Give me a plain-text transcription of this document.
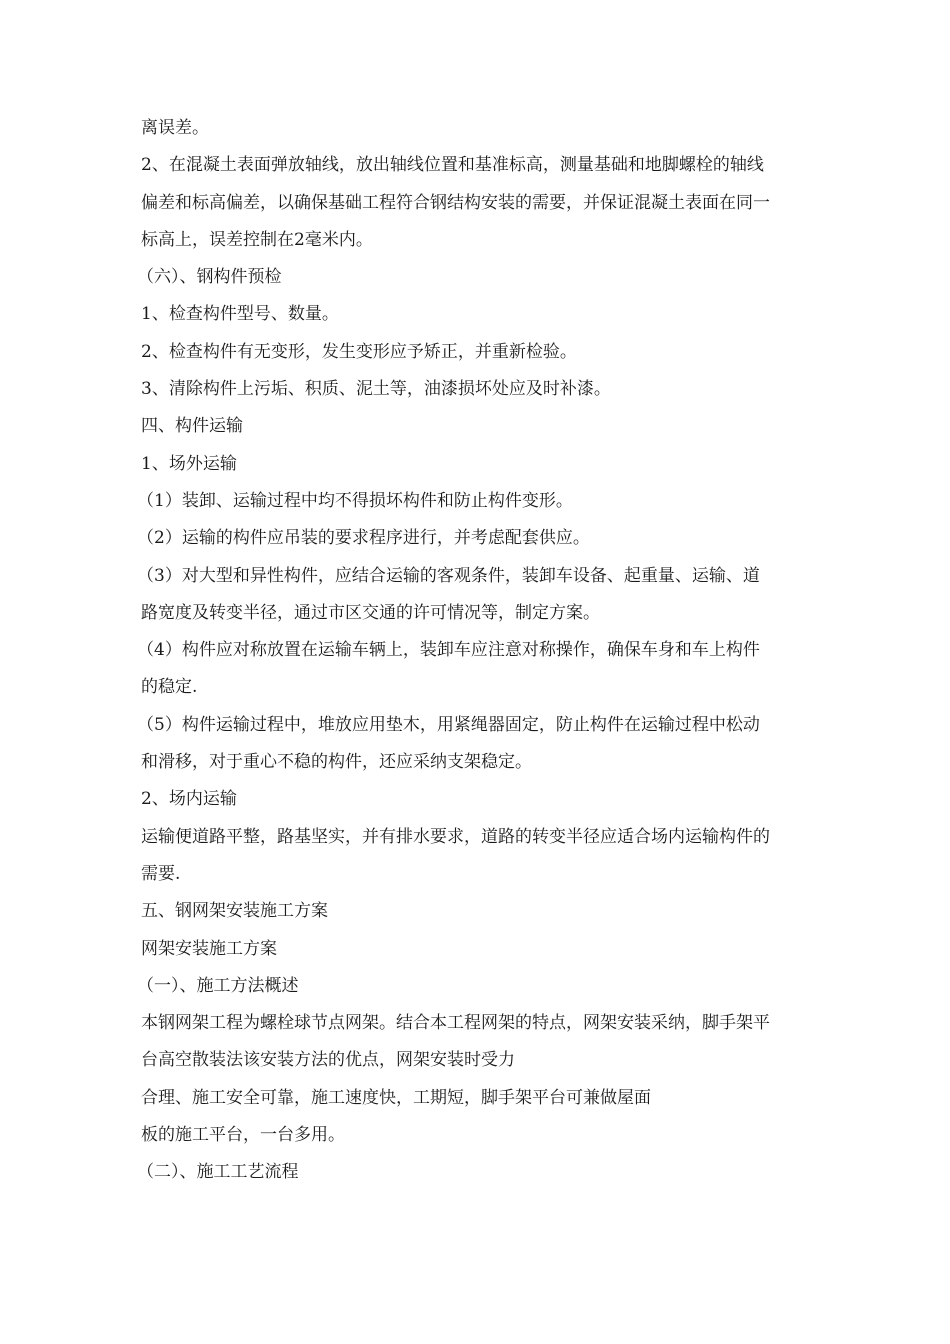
离误差。
2、在混凝土表面弹放轴线，放出轴线位置和基准标高，测量基础和地脚螺栓的轴线
偏差和标高偏差，以确保基础工程符合钢结构安装的需要，并保证混凝土表面在同一
标高上，误差控制在2毫米内。
（六）、钢构件预检
1、检查构件型号、数量。
2、检查构件有无变形，发生变形应予矫正，并重新检验。
3、清除构件上污垢、积质、泥土等，油漆损坏处应及时补漆。
四、构件运输
1、场外运输
（1）装卸、运输过程中均不得损坏构件和防止构件变形。
（2）运输的构件应吊装的要求程序进行，并考虑配套供应。
（3）对大型和异性构件，应结合运输的客观条件，装卸车设备、起重量、运输、道
路宽度及转变半径，通过市区交通的许可情况等，制定方案。
（4）构件应对称放置在运输车辆上，装卸车应注意对称操作，确保车身和车上构件
的稳定.
（5）构件运输过程中，堆放应用垫木，用紧绳器固定，防止构件在运输过程中松动
和滑移，对于重心不稳的构件，还应采纳支架稳定。
2、场内运输
运输便道路平整，路基坚实，并有排水要求，道路的转变半径应适合场内运输构件的
需要.
五、钢网架安装施工方案
网架安装施工方案
（一）、施工方法概述
本钢网架工程为螺栓球节点网架。结合本工程网架的特点，网架安装采纳，脚手架平
台高空散装法该安装方法的优点，网架安装时受力
合理、施工安全可靠，施工速度快，工期短，脚手架平台可兼做屋面
板的施工平台，一台多用。
（二）、施工工艺流程
